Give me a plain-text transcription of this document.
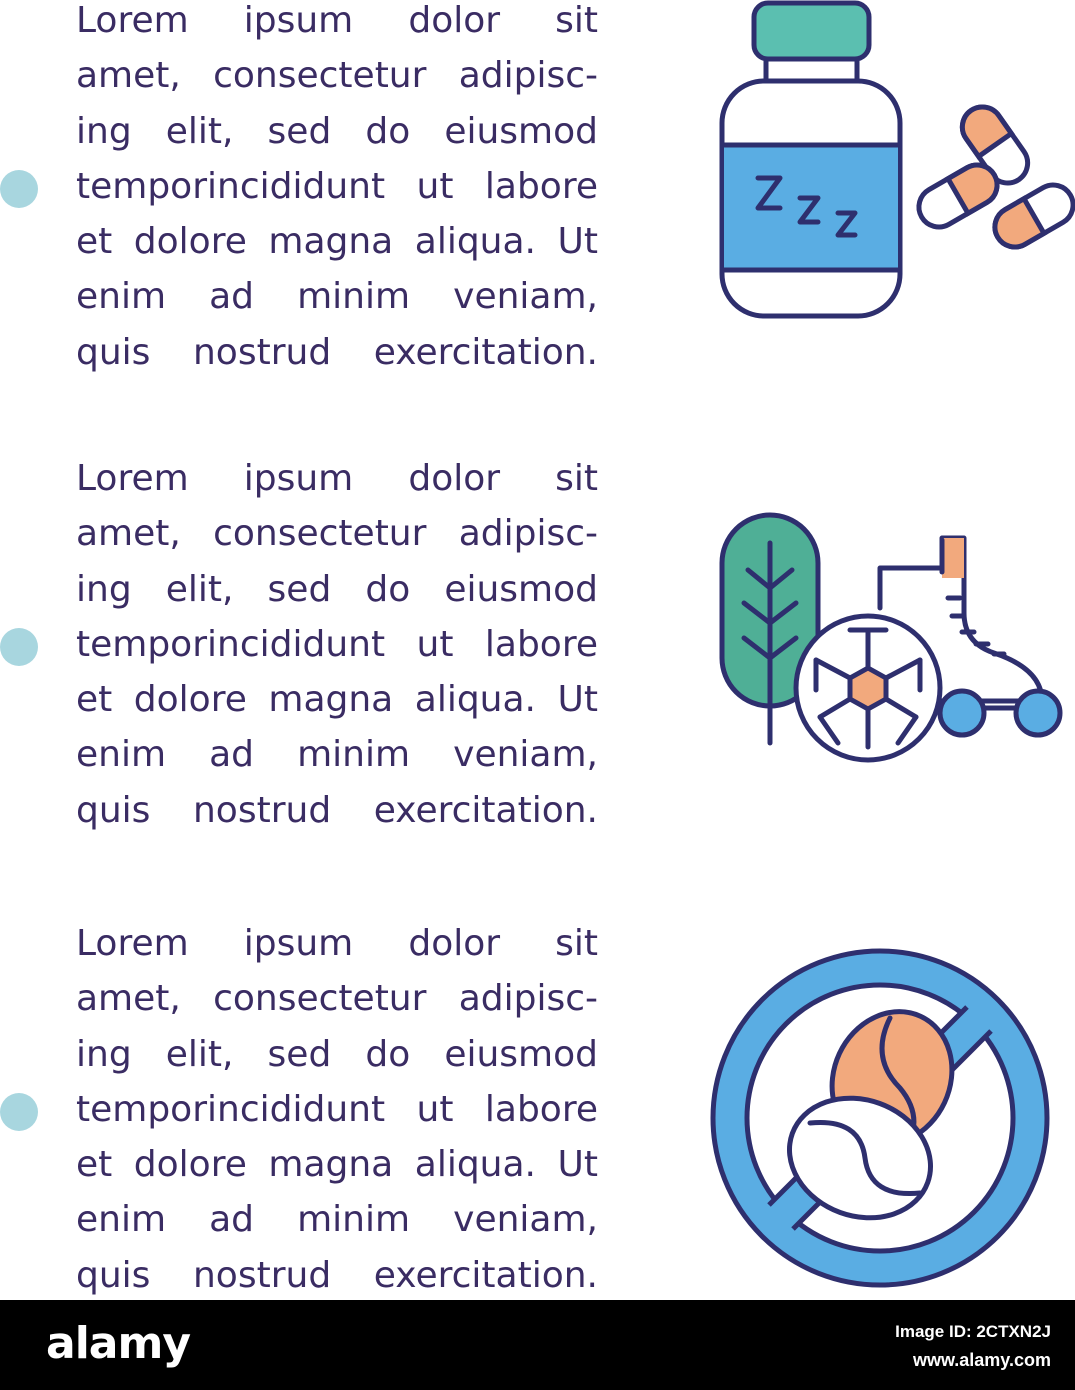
Lorem ipsum dolor sit
amet, consectetur adipisc-
ing elit, sed do eiusmod
temporincididunt ut labore
et dolore magna aliqua. Ut
enim ad minim veniam,
quis nostrud exercitation.
Lorem ipsum dolor sit
amet, consectetur adipisc-
ing elit, sed do eiusmod
temporincididunt ut labore
et dolore magna aliqua. Ut
enim ad minim veniam,
quis nostrud exercitation.
Lorem ipsum dolor sit
amet, consectetur adipisc-
ing elit, sed do eiusmod
temporincididunt ut labore
et dolore magna aliqua. Ut
enim ad minim veniam,
quis nostrud exercitation.
alamy	Image ID: 2CTXN2J
www.alamy.com
